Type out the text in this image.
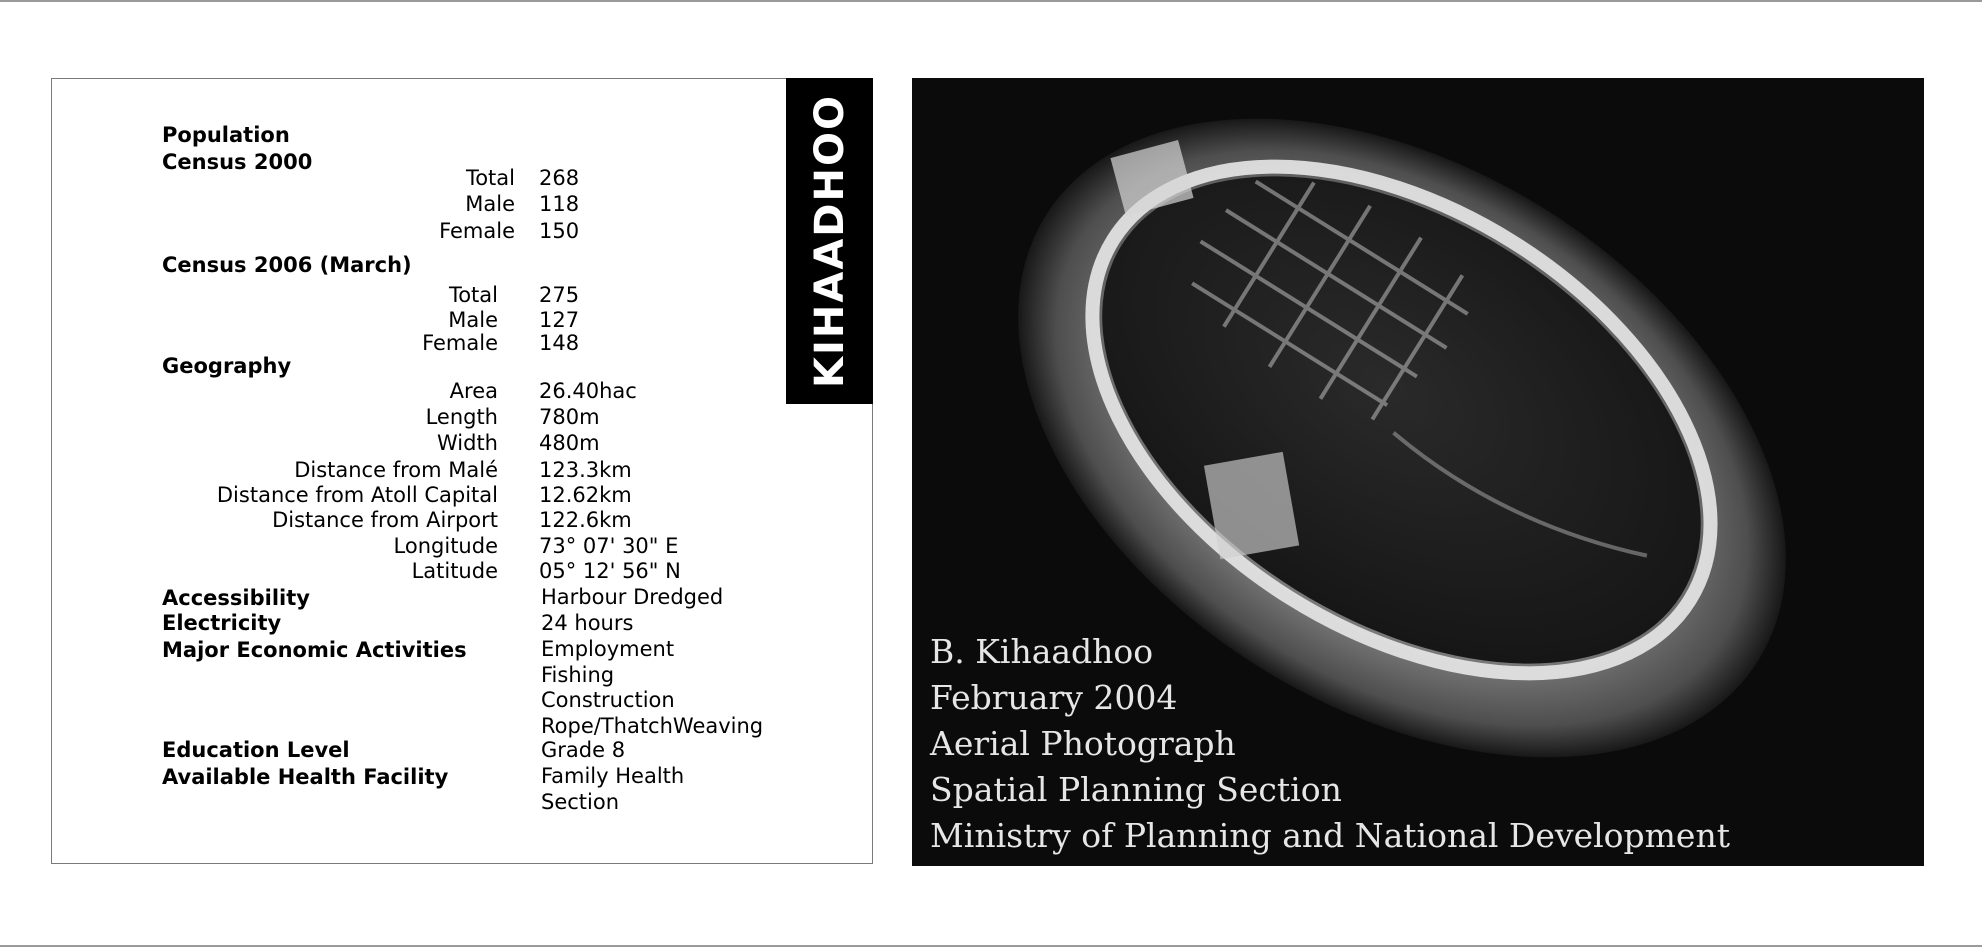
KIHAADHOO
Population
Census 2000
Total 268
Male 118
Female 150
Census 2006 (March)
Total 275
Male 127
Female 148
Geography
Area 26.40hac
Length 780m
Width 480m
Distance from Malé 123.3km
Distance from Atoll Capital 12.62km
Distance from Airport 122.6km
Longitude 73° 07' 30" E
Latitude 05° 12' 56" N
Accessibility	Harbour Dredged
Electricity	24 hours
Major Economic Activities	Employment
Fishing
Construction
Rope/ThatchWeaving
Education Level	Grade 8
Available Health Facility	Family Health
Section
B. Kihaadhoo
February 2004
Aerial Photograph
Spatial Planning Section
Ministry of Planning and National Development
